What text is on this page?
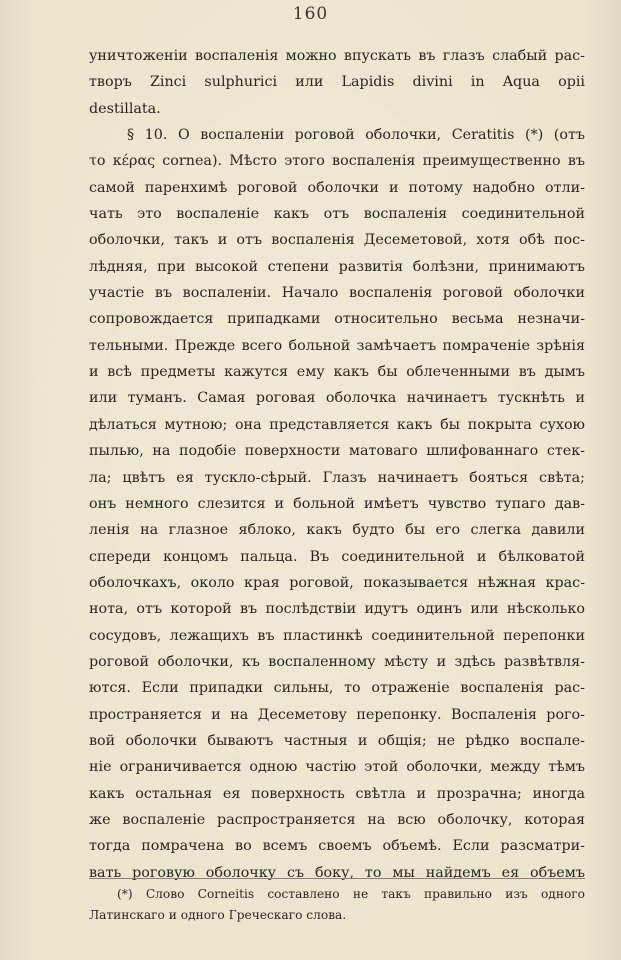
160
уничтоженіи воспаленія можно впускать въ глазъ слабый рас-
творъ Zinci sulphurici или Lapidis divini in Aqua opii
destillata.
§ 10. О воспаленіи роговой оболочки, Ceratitis (*) (отъ
το κέρας cornea). Мѣсто этого воспаленія преимущественно въ
самой паренхимѣ роговой оболочки и потому надобно отли-
чать это воспаленіе какъ отъ воспаленія соединительной
оболочки, такъ и отъ воспаленія Десеметовой, хотя обѣ пос-
лѣдняя, при высокой степени развитія болѣзни, принимаютъ
участіе въ воспаленіи. Начало воспаленія роговой оболочки
сопровождается припадками относительно весьма незначи-
тельными. Прежде всего больной замѣчаетъ помраченіе зрѣнія
и всѣ предметы кажутся ему какъ бы облеченными въ дымъ
или туманъ. Самая роговая оболочка начинаетъ тускнѣть и
дѣлаться мутною; она представляется какъ бы покрыта сухою
пылью, на подобіе поверхности матоваго шлифованнаго стек-
ла; цвѣтъ ея тускло-сѣрый. Глазъ начинаетъ бояться свѣта;
онъ немного слезится и больной имѣетъ чувство тупаго дав-
ленія на глазное яблоко, какъ будто бы его слегка давили
спереди концомъ пальца. Въ соединительной и бѣлковатой
оболочкахъ, около края роговой, показывается нѣжная крас-
нота, отъ которой въ послѣдствіи идутъ одинъ или нѣсколько
сосудовъ, лежащихъ въ пластинкѣ соединительной перепонки
роговой оболочки, къ воспаленному мѣсту и здѣсь развѣтвля-
ются. Если припадки сильны, то отраженіе воспаленія рас-
пространяется и на Десеметову перепонку. Воспаленія рого-
вой оболочки бываютъ частныя и общія; не рѣдко воспале-
ніе ограничивается одною частію этой оболочки, между тѣмъ
какъ остальная ея поверхность свѣтла и прозрачна; иногда
же воспаленіе распространяется на всю оболочку, которая
тогда помрачена во всемъ своемъ объемѣ. Если разсматри-
вать роговую оболочку съ боку, то мы найдемъ ея объемъ
(*) Слово Corneitis составлено не такъ правильно изъ одного
Латинскаго и одного Греческаго слова.
